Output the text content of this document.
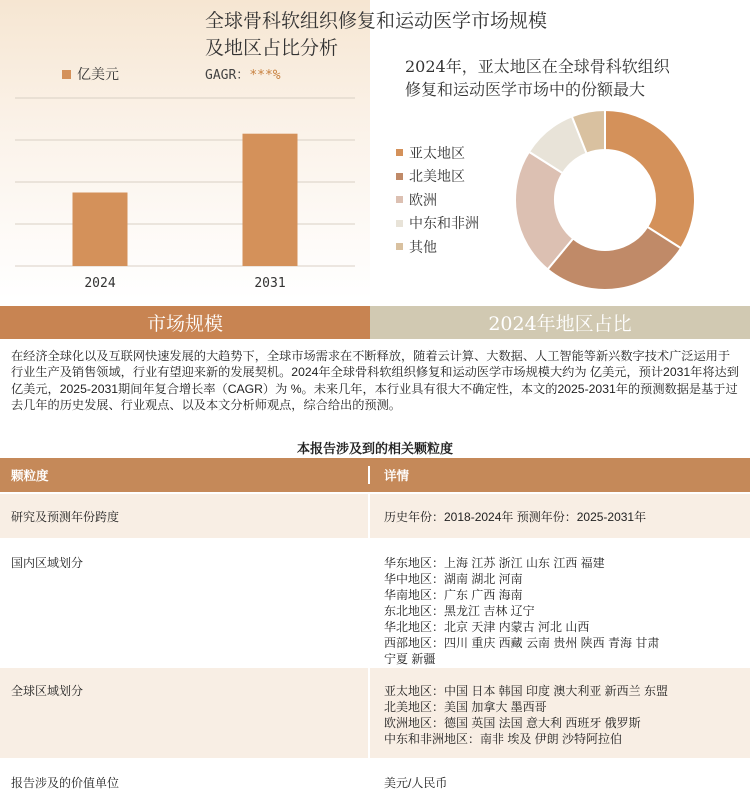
全球骨科软组织修复和运动医学市场规模
及地区占比分析
亿美元	GAGR：***%
2024	2031
2024年，亚太地区在全球骨科软组织
修复和运动医学市场中的份额最大
亚太地区
北美地区
欧洲
中东和非洲
其他
市场规模	2024年地区占比
在经济全球化以及互联网快速发展的大趋势下，全球市场需求在不断释放，随着云计算、大数据、人工智能等新兴数字技术广泛运用于行业生产及销售领域，行业有望迎来新的发展契机。2024年全球骨科软组织修复和运动医学市场规模大约为 亿美元，预计2031年将达到 亿美元，2025-2031期间年复合增长率（CAGR）为 %。未来几年，本行业具有很大不确定性，本文的2025-2031年的预测数据是基于过去几年的历史发展、行业观点、以及本文分析师观点，综合给出的预测。
本报告涉及到的相关颗粒度
颗粒度	详情
研究及预测年份跨度	历史年份：2018-2024年 预测年份：2025-2031年
国内区域划分	华东地区：上海 江苏 浙江 山东 江西 福建
华中地区：湖南 湖北 河南
华南地区：广东 广西 海南
东北地区：黑龙江 吉林 辽宁
华北地区：北京 天津 内蒙古 河北 山西
西部地区：四川 重庆 西藏 云南 贵州 陕西 青海 甘肃
宁夏 新疆
全球区域划分	亚太地区：中国 日本 韩国 印度 澳大利亚 新西兰 东盟
北美地区：美国 加拿大 墨西哥
欧洲地区：德国 英国 法国 意大利 西班牙 俄罗斯
中东和非洲地区：南非 埃及 伊朗 沙特阿拉伯
报告涉及的价值单位	美元/人民币
